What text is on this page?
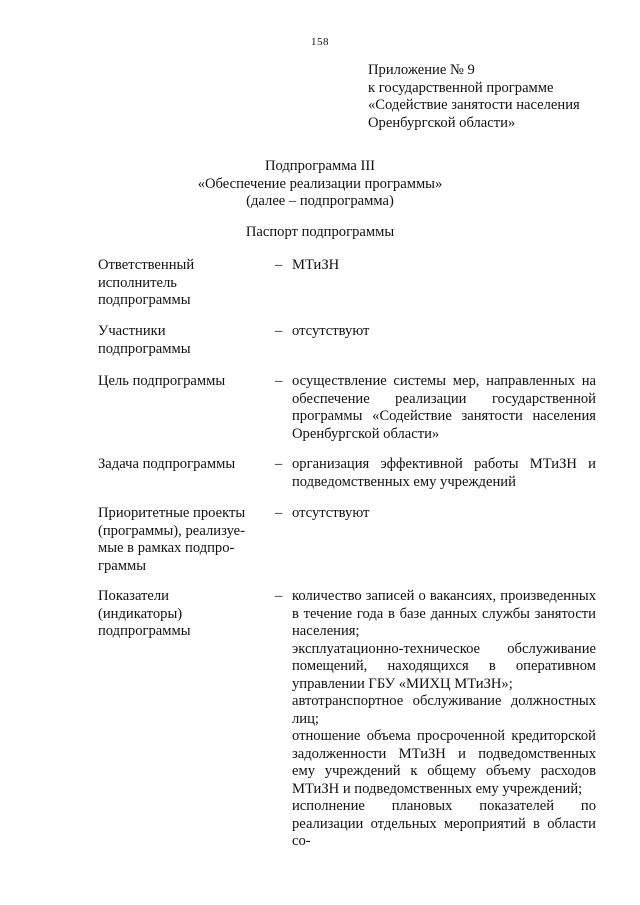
158
Приложение № 9
к государственной программе
«Содействие занятости населения
Оренбургской области»
Подпрограмма III
«Обеспечение реализации программы»
(далее – подпрограмма)
Паспорт подпрограммы
Ответственный
исполнитель
подпрограммы
– МТиЗН
Участники
подпрограммы
– отсутствуют
Цель подпрограммы	– осуществление системы мер, направленных на обеспечение реализации государственной программы «Содействие занятости населения Оренбургской области»
Задача подпрограммы	– организация эффективной работы МТиЗН и подведомственных ему учреждений
Приоритетные проекты
(программы), реализуе-
мые в рамках подпро-
граммы
– отсутствуют
Показатели
(индикаторы)
подпрограммы
– количество записей о вакансиях, произведенных в течение года в базе данных службы занятости населения;

эксплуатационно-техническое обслуживание помещений, находящихся в оперативном управлении ГБУ «МИХЦ МТиЗН»;

автотранспортное обслуживание должностных лиц;

отношение объема просроченной кредиторской задолженности МТиЗН и подведомственных ему учреждений к общему объему расходов МТиЗН и подведомственных ему учреждений;

исполнение плановых показателей по реализации отдельных мероприятий в области со-
